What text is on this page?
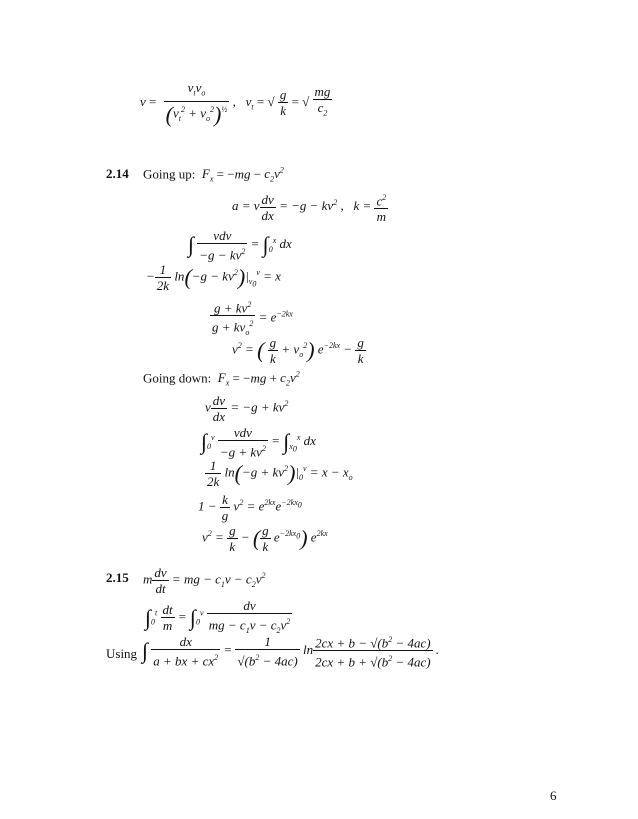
$v = \frac{v_tv_o}{(v_t^2 + v_o^2)^{\frac{1}{2}}}$ ,   $v_t$ = √ $\frac{g}{k}$ = √ $\frac{mg}{c_2}$
2.14 Going up:  $F_x = -mg - c_2v^2$
a = v $\frac{dv}{dx} = -g - kv^2$ ,   $k = \frac{c^2}{m}$
∫ $\frac{\text{vdv}}{-g - kv^2} = \int_0^x$ dx
− $\frac{1}{2k} \ln(-g - kv^2)|_{v_0}^v = x$
$\frac{g + kv^2}{g + kv_o^2} = e^{-2kx}$
$v^2$ = ( $\frac{g}{k} + v_o^2$) $e^{-2kx} - \frac{g}{k}$
Going down:  $F_x = -mg + c_2v^2$
v $\frac{dv}{dx} = -g + kv^2$
$\int_0^v \frac{\text{vdv}}{-g + kv^2} = \int_{x_0}^x$ dx
$\frac{1}{2k} \ln(-g + kv^2)|_0^v = x - x_o$
$1 - \frac{k}{g} v^2 = e^{2kx}e^{-2kx_0}$
$v^2 = \frac{g}{k}$ − ( $\frac{g}{k} e^{-2kx_0}$) $e^{2kx}$
2.15 m $\frac{dv}{dt}$ = mg − $c_1v - c_2v^2$
$\int_0^t \frac{dt}{m} = \int_0^v \frac{dv}{mg - c_1v - c_2v^2}$
Using ∫ $\frac{dx}{a + bx + cx^2} = \frac{1}{√(b^2 - 4ac)}$ $\ln \frac{2cx + b - √(b^2 - 4ac)}{2cx + b + √(b^2 - 4ac)}$ .
6
